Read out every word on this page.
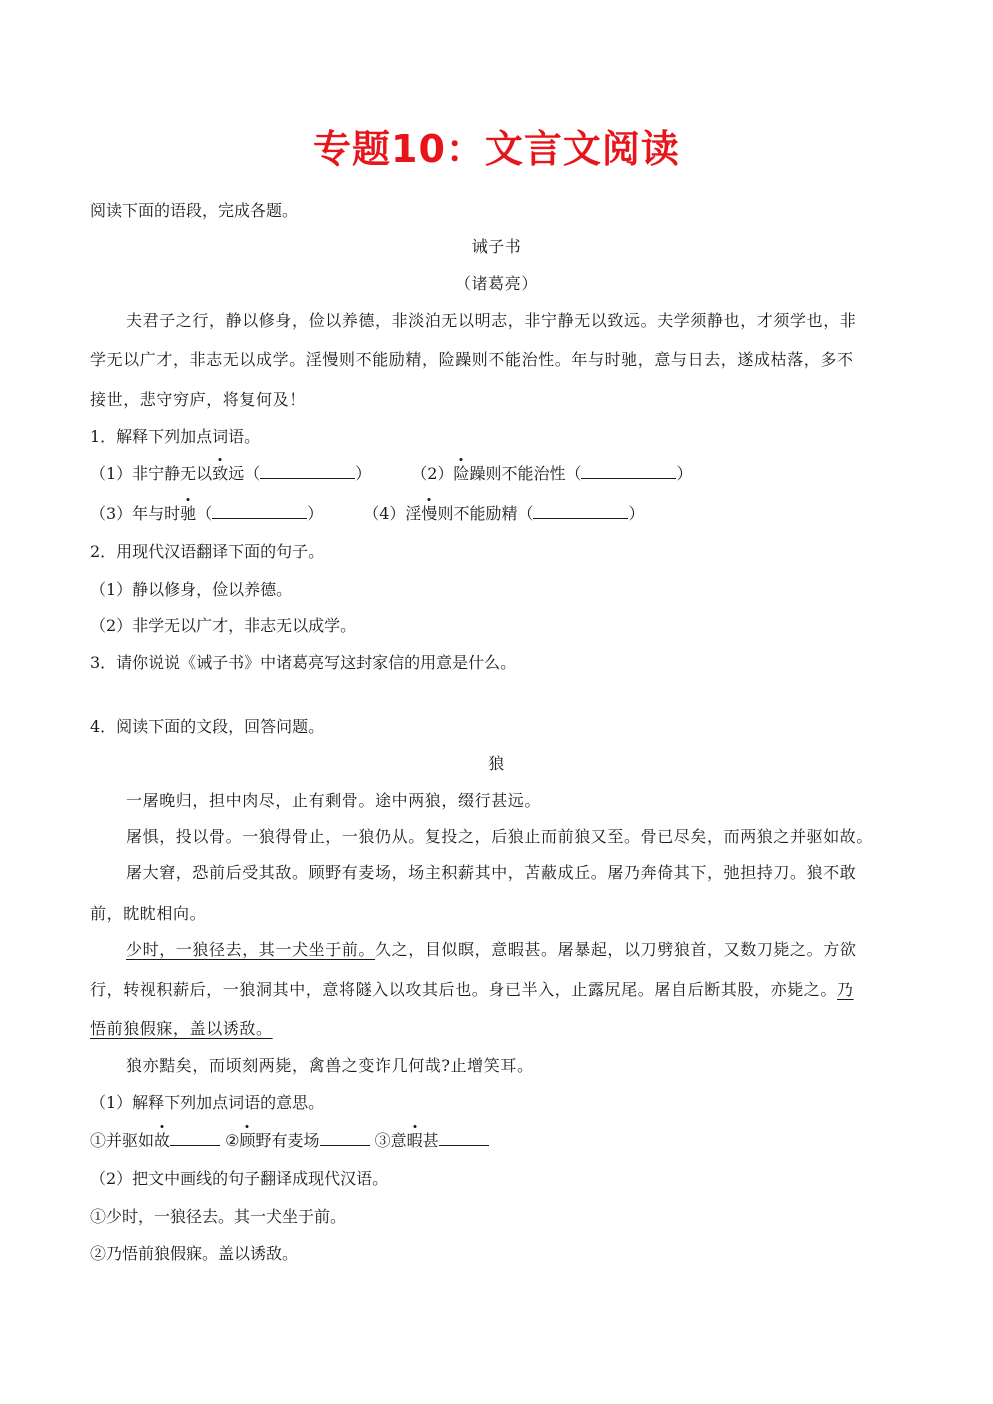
专题10：文言文阅读
阅读下面的语段，完成各题。
诫子书
（诸葛亮）
夫君子之行，静以修身，俭以养德，非淡泊无以明志，非宁静无以致远。夫学须静也，才须学也，非
学无以广才，非志无以成学。淫慢则不能励精，险躁则不能治性。年与时驰，意与日去，遂成枯落，多不
接世，悲守穷庐，将复何及！
1．解释下列加点词语。
（1）非宁静无以致远（	）	（2）险躁则不能治性（	）
（3）年与时驰（	）	（4）淫慢则不能励精（	）
2．用现代汉语翻译下面的句子。
（1）静以修身，俭以养德。
（2）非学无以广才，非志无以成学。
3．请你说说《诫子书》中诸葛亮写这封家信的用意是什么。
4．阅读下面的文段，回答问题。
狼
一屠晚归，担中肉尽，止有剩骨。途中两狼，缀行甚远。
屠惧，投以骨。一狼得骨止，一狼仍从。复投之，后狼止而前狼又至。骨已尽矣，而两狼之并驱如故。
屠大窘，恐前后受其敌。顾野有麦场，场主积薪其中，苫蔽成丘。屠乃奔倚其下，弛担持刀。狼不敢
前，眈眈相向。
少时，一狼径去，其一犬坐于前。久之，目似瞑，意暇甚。屠暴起，以刀劈狼首，又数刀毙之。方欲
行，转视积薪后，一狼洞其中，意将隧入以攻其后也。身已半入，止露尻尾。屠自后断其股，亦毙之。乃
悟前狼假寐，盖以诱敌。
狼亦黠矣，而顷刻两毙，禽兽之变诈几何哉?止增笑耳。
（1）解释下列加点词语的意思。
①并驱如故	②顾野有麦场	③意暇甚
（2）把文中画线的句子翻译成现代汉语。
①少时，一狼径去。其一犬坐于前。
②乃悟前狼假寐。盖以诱敌。
